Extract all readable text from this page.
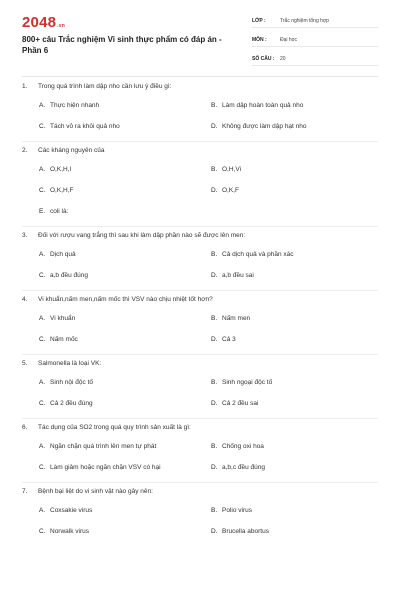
2048.vn
800+ câu Trắc nghiệm Vi sinh thực phẩm có đáp án - Phần 6
LỚP :	Trắc nghiệm tổng hợp
MÔN :	Đại học
SỐ CÂU :	20
1. Trong quá trình làm dập nho cần lưu ý điều gì:
A. Thực hiện nhanh	B. Làm dập hoàn toàn quả nho
C. Tách vỏ ra khỏi quả nho	D. Không được làm dập hạt nho
2. Các kháng nguyên của
A. O,K,H,I	B. O,H,Vi
C. O,K,H,F	D. O,K,F
E. coli là:
3. Đối với rượu vang trắng thì sau khi làm dập phần nào sẽ được lên men:
A. Dịch quả	B. Cả dịch quả và phần xác
C. a,b đều đúng	D. a,b đều sai
4. Vi khuẩn,nấm men,nấm mốc thì VSV nào chịu nhiệt tốt hơn?
A. Vi khuẩn	B. Nấm men
C. Nấm mốc	D. Cả 3
5. Salmonella là loại VK:
A. Sinh nội độc tố	B. Sinh ngoại độc tố
C. Cả 2 đều đúng	D. Cả 2 đều sai
6. Tác dụng của SO2 trong quá quy trình sản xuất là gì:
A. Ngăn chặn quá trình lên men tự phát	B. Chống oxi hoa
C. Làm giảm hoặc ngăn chặn VSV có hại	D. a,b,c đều đúng
7. Bệnh bại liệt do vi sinh vật nào gây nên:
A. Coxsakie virus	B. Polio virus
C. Norwalk virus	D. Brucella abortus
